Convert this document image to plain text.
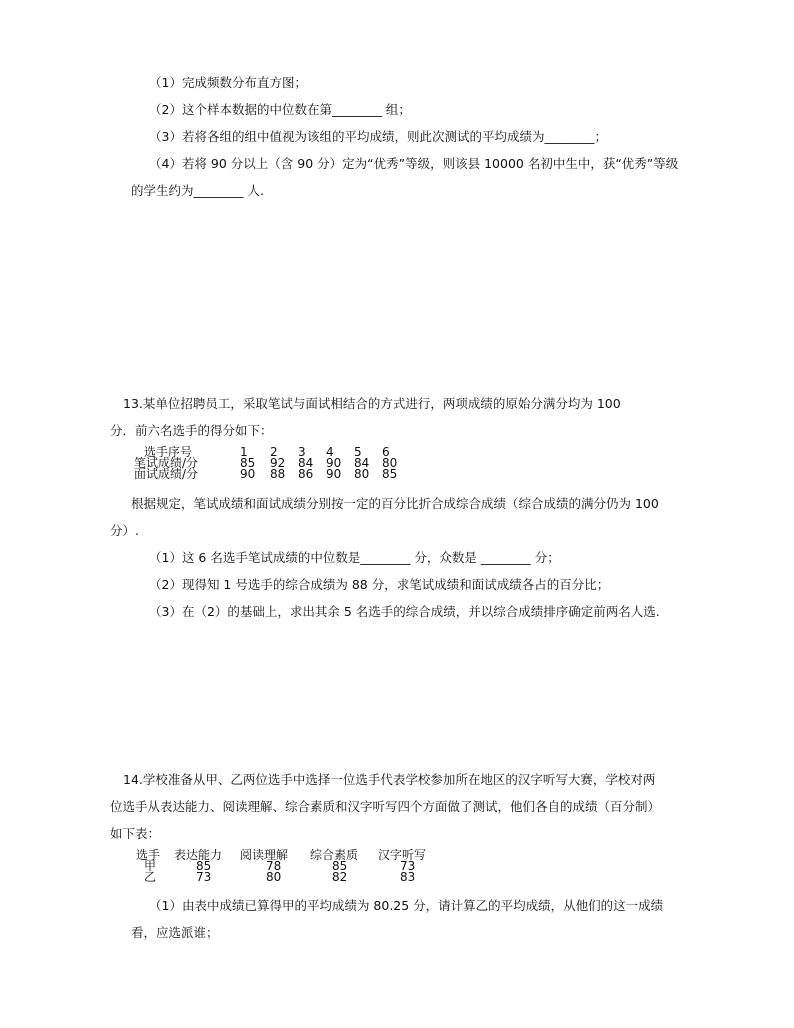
（1）完成频数分布直方图；
（2）这个样本数据的中位数在第________ 组；
（3）若将各组的组中值视为该组的平均成绩，则此次测试的平均成绩为________；
（4）若将 90 分以上（含 90 分）定为“优秀”等级，则该县 10000 名初中生中，获“优秀”等级
的学生约为________ 人.
13.某单位招聘员工，采取笔试与面试相结合的方式进行，两项成绩的原始分满分均为 100
分．前六名选手的得分如下：
选手序号	1	2	3	4	5	6
笔试成绩/分	85	92	84	90	84	80
面试成绩/分	90	88	86	90	80	85
根据规定，笔试成绩和面试成绩分别按一定的百分比折合成综合成绩（综合成绩的满分仍为 100
分）.
（1）这 6 名选手笔试成绩的中位数是________ 分，众数是 ________ 分；
（2）现得知 1 号选手的综合成绩为 88 分，求笔试成绩和面试成绩各占的百分比；
（3）在（2）的基础上，求出其余 5 名选手的综合成绩，并以综合成绩排序确定前两名人选.
14.学校准备从甲、乙两位选手中选择一位选手代表学校参加所在地区的汉字听写大赛，学校对两
位选手从表达能力、阅读理解、综合素质和汉字听写四个方面做了测试，他们各自的成绩（百分制）
如下表：
选手	表达能力	阅读理解	综合素质	汉字听写
甲	85	78	85	73
乙	73	80	82	83
（1）由表中成绩已算得甲的平均成绩为 80.25 分，请计算乙的平均成绩，从他们的这一成绩
看，应选派谁；
